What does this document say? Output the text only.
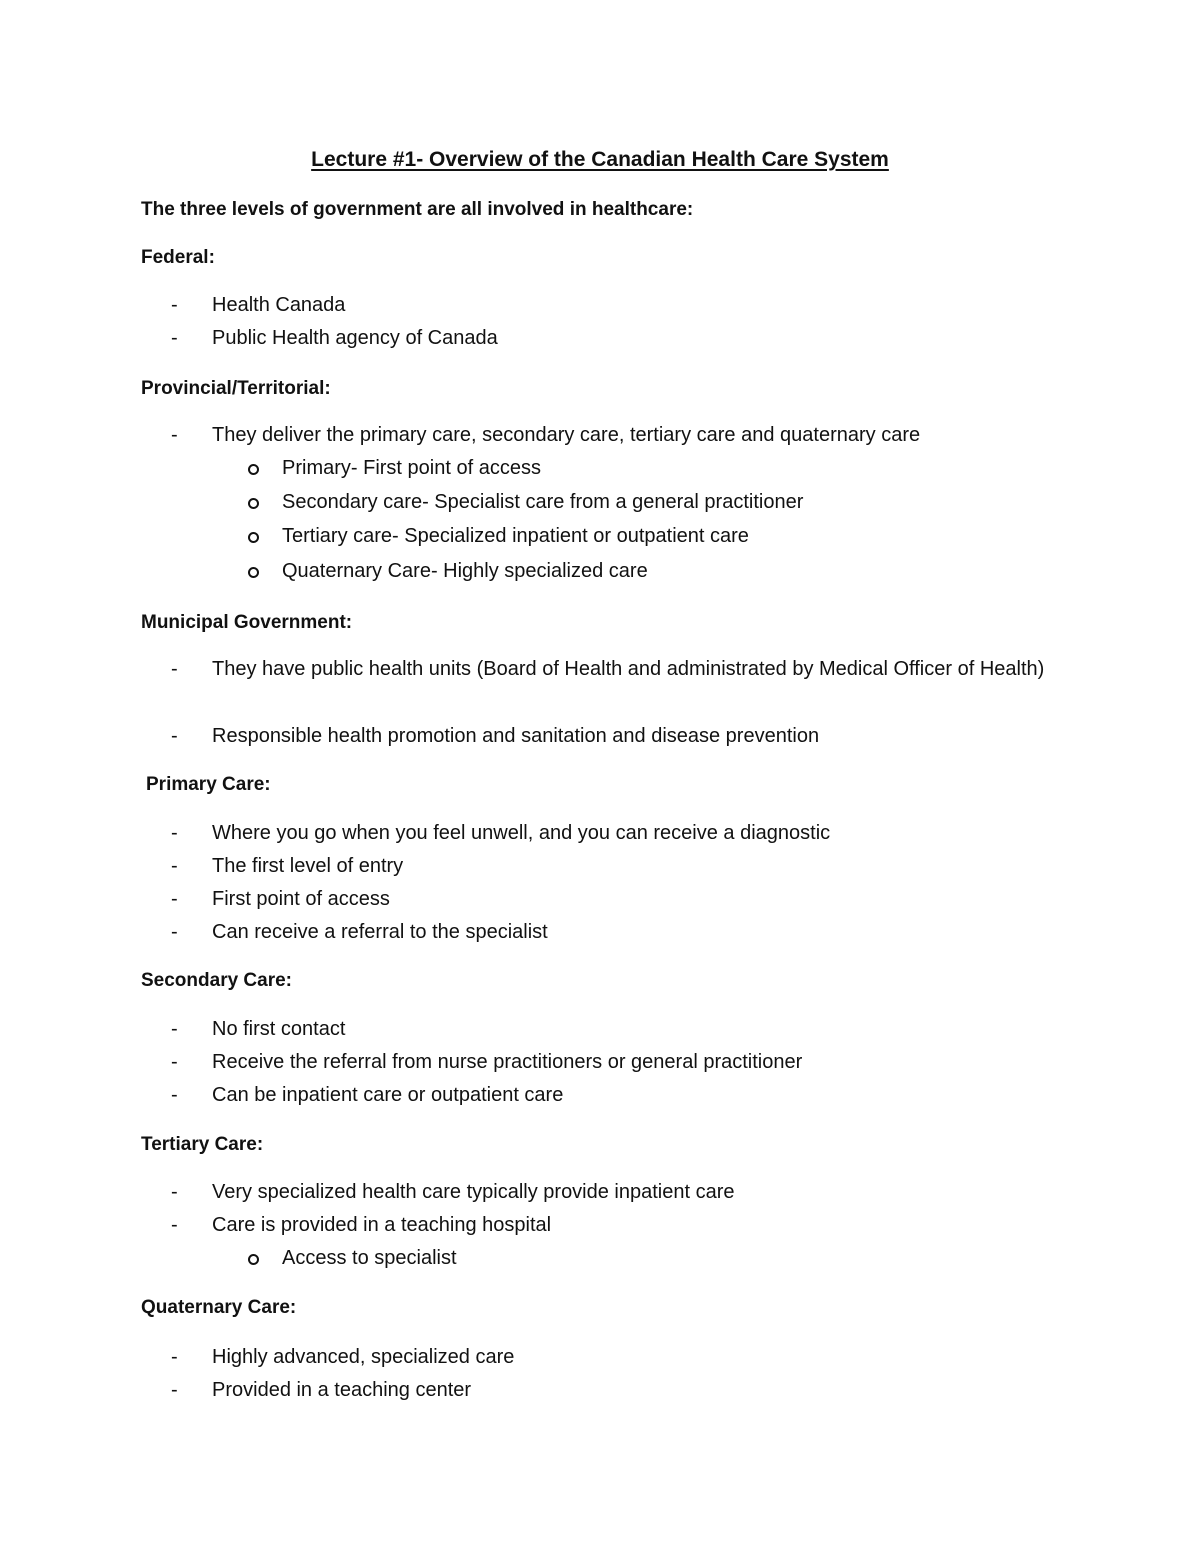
Lecture #1- Overview of the Canadian Health Care System
The three levels of government are all involved in healthcare:
Federal:
-	Health Canada
-	Public Health agency of Canada
Provincial/Territorial:
-	They deliver the primary care, secondary care, tertiary care and quaternary care
Primary- First point of access
Secondary care- Specialist care from a general practitioner
Tertiary care- Specialized inpatient or outpatient care
Quaternary Care- Highly specialized care
Municipal Government:
-	They have public health units (Board of Health and administrated by Medical Officer of Health)
-	Responsible health promotion and sanitation and disease prevention
Primary Care:
-	Where you go when you feel unwell, and you can receive a diagnostic
-	The first level of entry
-	First point of access
-	Can receive a referral to the specialist
Secondary Care:
-	No first contact
-	Receive the referral from nurse practitioners or general practitioner
-	Can be inpatient care or outpatient care
Tertiary Care:
-	Very specialized health care typically provide inpatient care
-	Care is provided in a teaching hospital
Access to specialist
Quaternary Care:
-	Highly advanced, specialized care
-	Provided in a teaching center
